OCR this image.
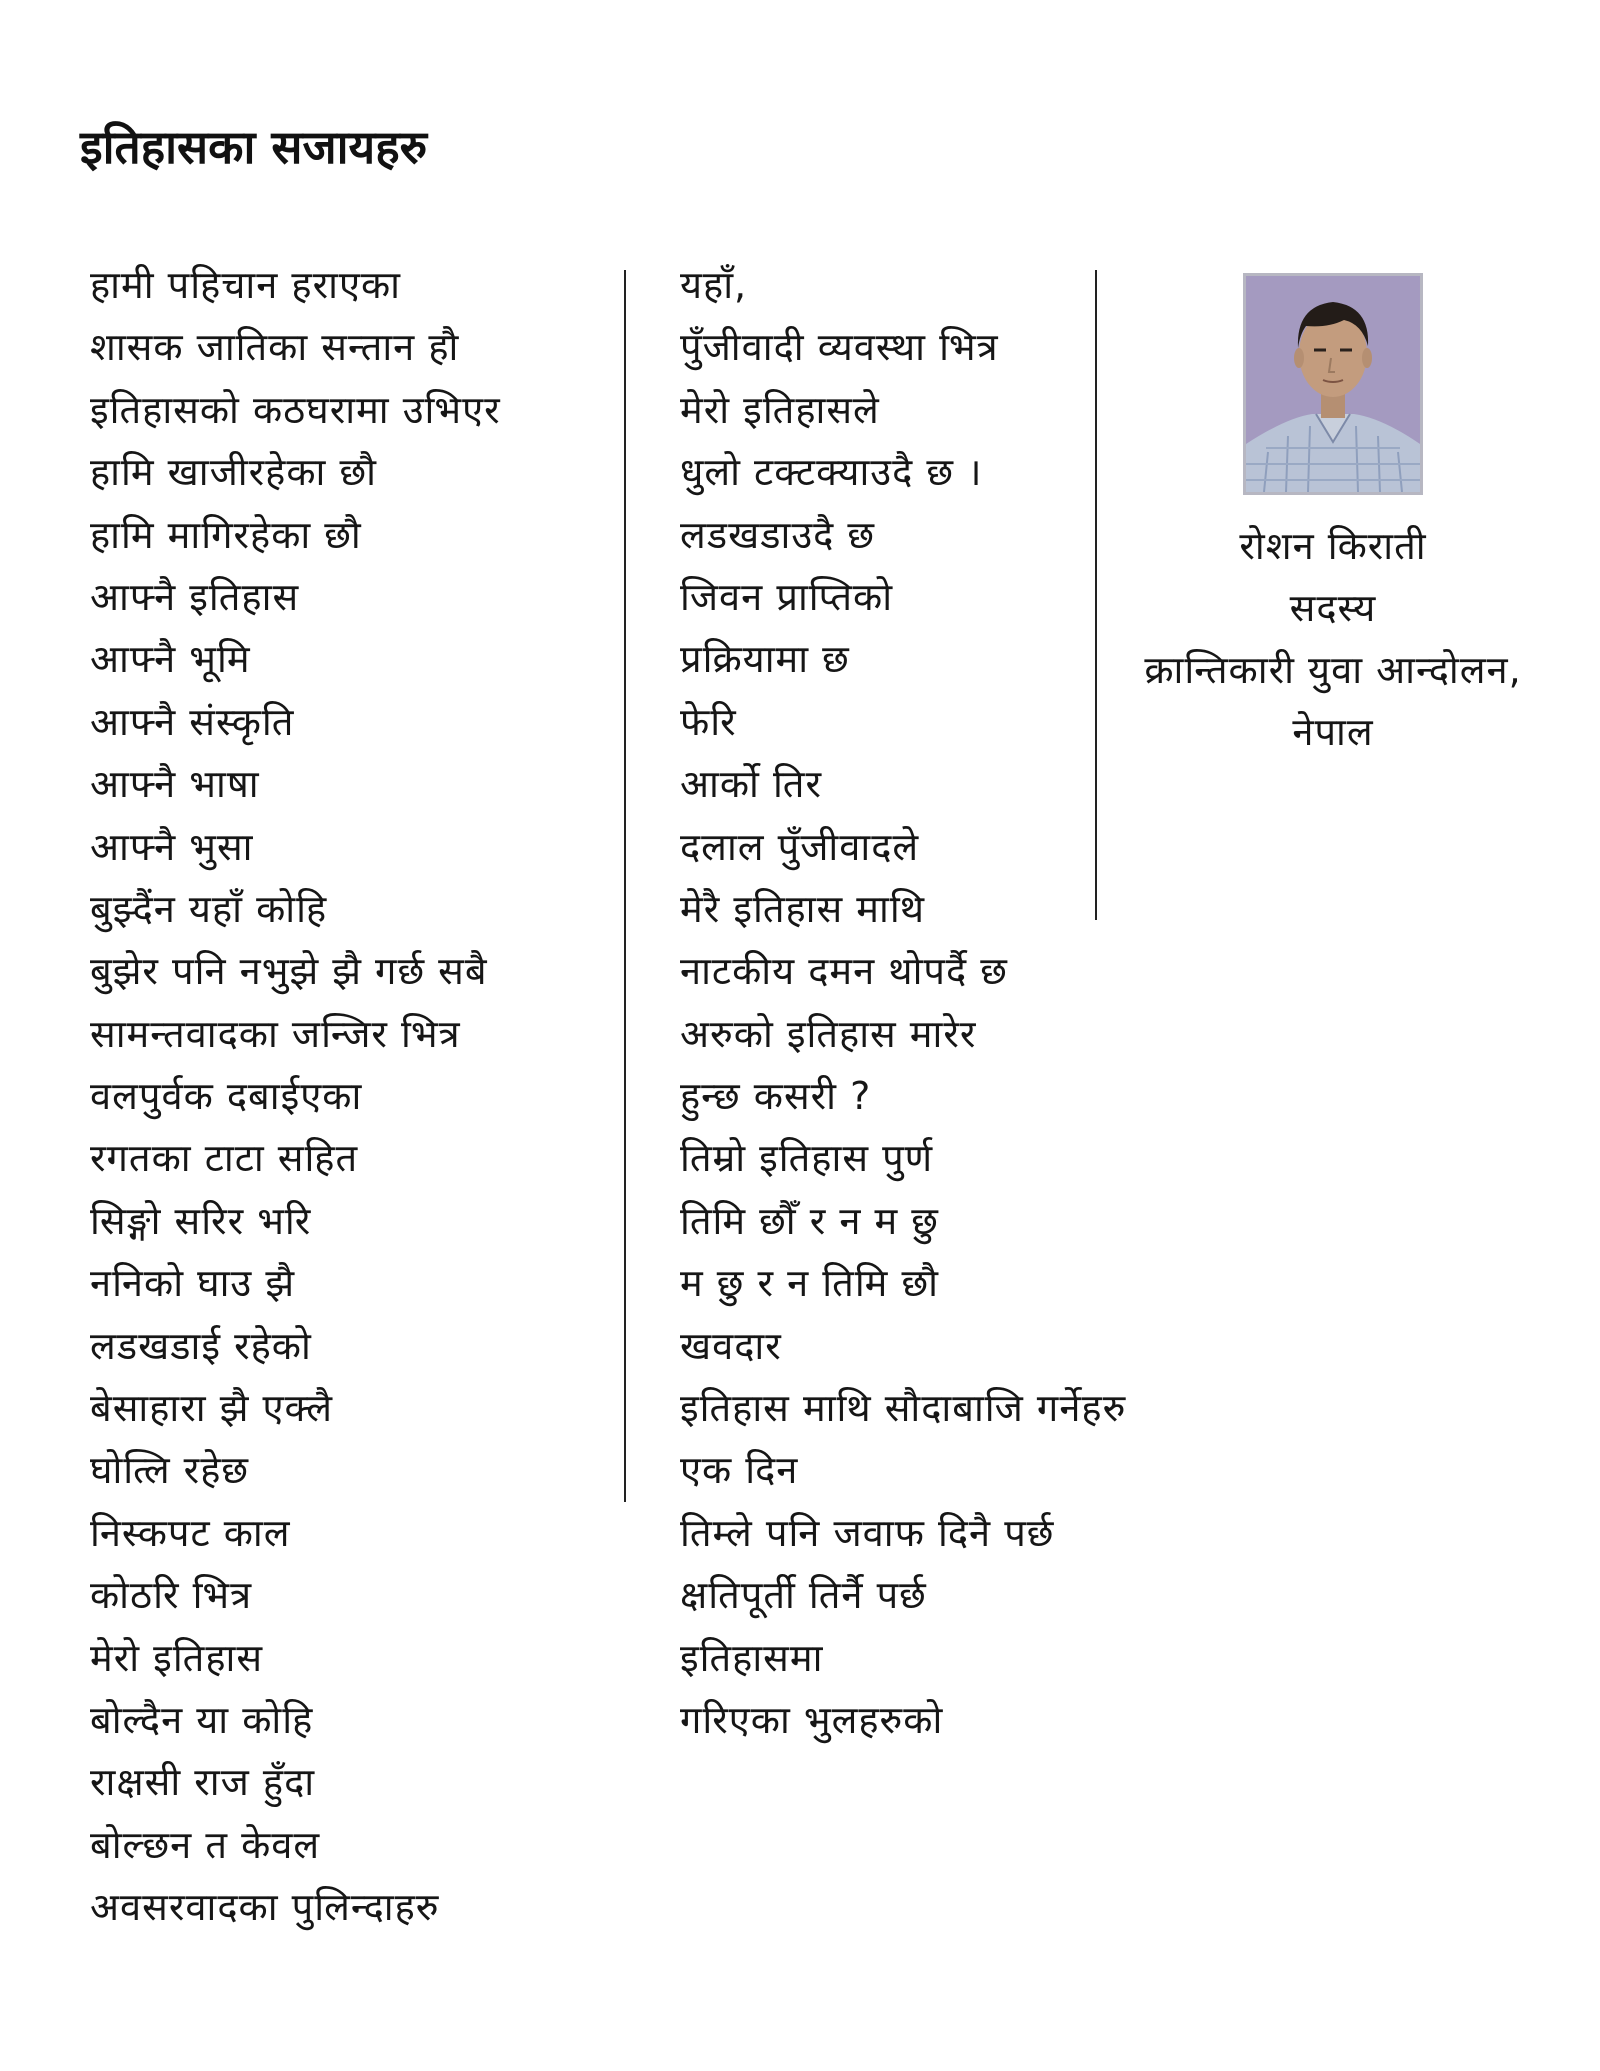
इतिहासका सजायहरु
हामी पहिचान हराएका
शासक जातिका सन्तान हौ
इतिहासको कठघरामा उभिएर
हामि खाजीरहेका छौ
हामि मागिरहेका छौ
आफ्नै इतिहास
आफ्नै भूमि
आफ्नै संस्कृति
आफ्नै भाषा
आफ्नै भुसा
बुझ्दैंन यहाँ कोहि
बुझेर पनि नभुझे झै गर्छ सबै
सामन्तवादका जन्जिर भित्र
वलपुर्वक दबाईएका
रगतका टाटा सहित
सिङ्गो सरिर भरि
ननिको घाउ झै
लडखडाई रहेको
बेसाहारा झै एक्लै
घोत्लि रहेछ
निस्कपट काल
कोठरि भित्र
मेरो इतिहास
बोल्दैन या कोहि
राक्षसी राज हुँदा
बोल्छन त केवल
अवसरवादका पुलिन्दाहरु
यहाँ,
पुँजीवादी व्यवस्था भित्र
मेरो इतिहासले
धुलो टक्टक्याउदै छ ।
लडखडाउदै छ
जिवन प्राप्तिको
प्रक्रियामा छ
फेरि
आर्को तिर
दलाल पुँजीवादले
मेरै इतिहास माथि
नाटकीय दमन थोपर्दै छ
अरुको इतिहास मारेर
हुन्छ कसरी ?
तिम्रो इतिहास पुर्ण
तिमि छौँ र न म छु
म छु र न तिमि छौ
खवदार
इतिहास माथि सौदाबाजि गर्नेहरु
एक दिन
तिम्ले पनि जवाफ दिनै पर्छ
क्षतिपूर्ती तिर्नै पर्छ
इतिहासमा
गरिएका भुलहरुको
रोशन किराती
सदस्य
क्रान्तिकारी युवा आन्दोलन,
नेपाल
